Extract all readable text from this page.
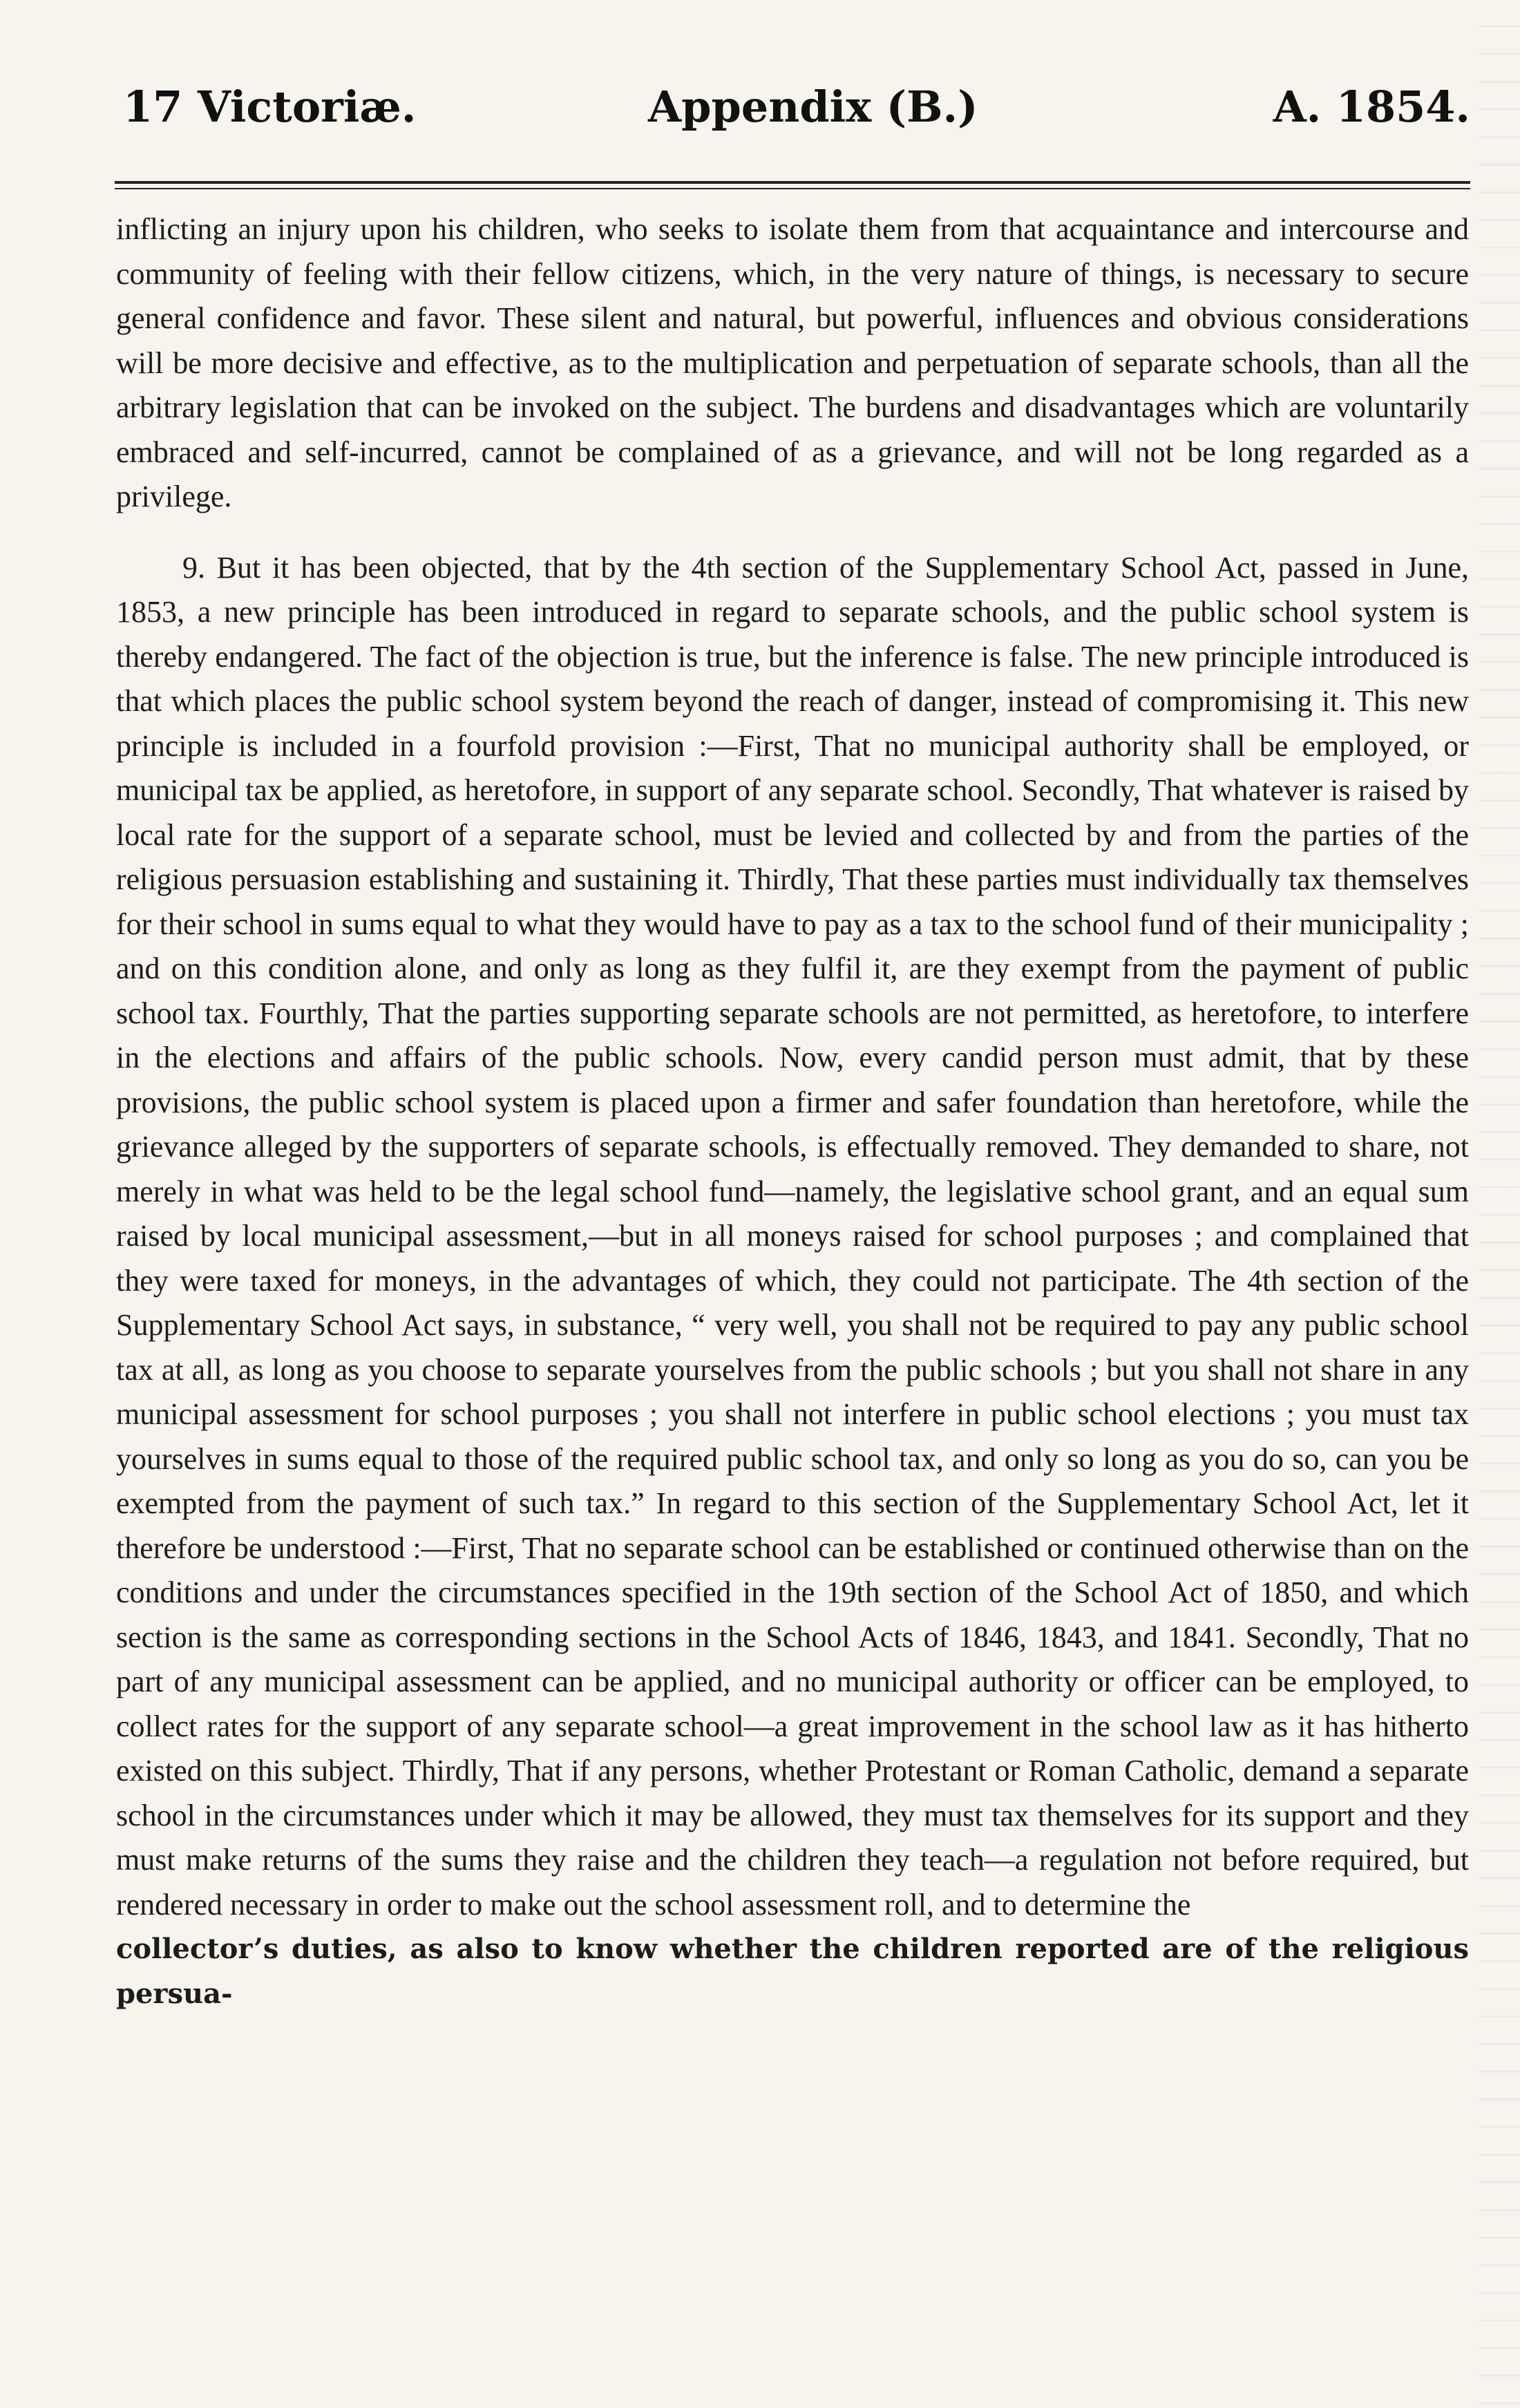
17 Victoriæ.	Appendix (B.)	A. 1854.

inflicting an injury upon his children, who seeks to isolate them from that acquaintance and intercourse and community of feeling with their fellow citizens, which, in the very nature of things, is necessary to secure general confidence and favor. These silent and natural, but powerful, influences and obvious considerations will be more decisive and effective, as to the multiplication and perpetuation of separate schools, than all the arbitrary legislation that can be invoked on the subject. The burdens and disadvantages which are voluntarily embraced and self-incurred, cannot be complained of as a grievance, and will not be long regarded as a privilege.

9. But it has been objected, that by the 4th section of the Supplementary School Act, passed in June, 1853, a new principle has been introduced in regard to separate schools, and the public school system is thereby endangered. The fact of the objection is true, but the inference is false. The new principle introduced is that which places the public school system beyond the reach of danger, instead of compromising it. This new principle is included in a fourfold provision :—First, That no municipal authority shall be employed, or municipal tax be applied, as heretofore, in support of any separate school. Secondly, That whatever is raised by local rate for the support of a separate school, must be levied and collected by and from the parties of the religious persuasion establishing and sustaining it. Thirdly, That these parties must individually tax themselves for their school in sums equal to what they would have to pay as a tax to the school fund of their municipality ; and on this condition alone, and only as long as they fulfil it, are they exempt from the payment of public school tax. Fourthly, That the parties supporting separate schools are not permitted, as heretofore, to interfere in the elections and affairs of the public schools. Now, every candid person must admit, that by these provisions, the public school system is placed upon a firmer and safer foundation than heretofore, while the grievance alleged by the supporters of separate schools, is effectually removed. They demanded to share, not merely in what was held to be the legal school fund—namely, the legislative school grant, and an equal sum raised by local municipal assessment,—but in all moneys raised for school purposes ; and complained that they were taxed for moneys, in the advantages of which, they could not participate. The 4th section of the Supplementary School Act says, in substance, “ very well, you shall not be required to pay any public school tax at all, as long as you choose to separate yourselves from the public schools ; but you shall not share in any municipal assessment for school purposes ; you shall not interfere in public school elections ; you must tax yourselves in sums equal to those of the required public school tax, and only so long as you do so, can you be exempted from the payment of such tax.” In regard to this section of the Supplementary School Act, let it therefore be understood :—First, That no separate school can be established or continued otherwise than on the conditions and under the circumstances specified in the 19th section of the School Act of 1850, and which section is the same as corresponding sections in the School Acts of 1846, 1843, and 1841. Secondly, That no part of any municipal assessment can be applied, and no municipal authority or officer can be employed, to collect rates for the support of any separate school—a great improvement in the school law as it has hitherto existed on this subject. Thirdly, That if any persons, whether Protestant or Roman Catholic, demand a separate school in the circumstances under which it may be allowed, they must tax themselves for its support and they must make returns of the sums they raise and the children they teach—a regulation not before required, but rendered necessary in order to make out the school assessment roll, and to determine the

collector’s duties, as also to know whether the children reported are of the religious persua-
